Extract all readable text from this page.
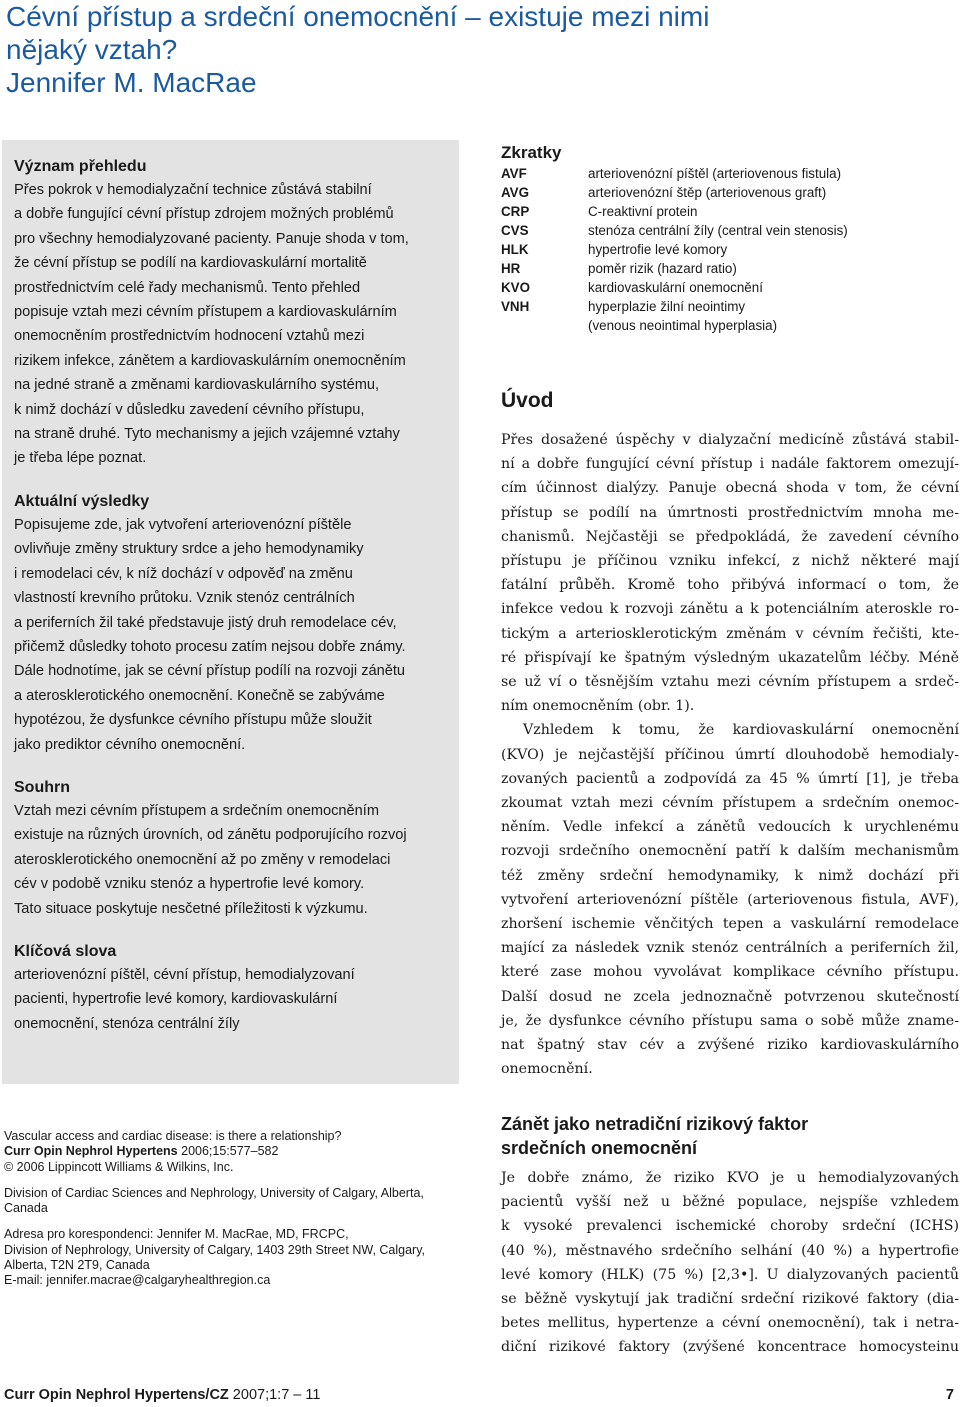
Cévní přístup a srdeční onemocnění – existuje mezi nimi
nějaký vztah?
Jennifer M. MacRae
Význam přehledu
Přes pokrok v hemodialyzační technice zůstává stabilní
a dobře fungující cévní přístup zdrojem možných problémů
pro všechny hemodialyzované pacienty. Panuje shoda v tom,
že cévní přístup se podílí na kardiovaskulární mortalitě
prostřednictvím celé řady mechanismů. Tento přehled
popisuje vztah mezi cévním přístupem a kardiovaskulárním
onemocněním prostřednictvím hodnocení vztahů mezi
rizikem infekce, zánětem a kardiovaskulárním onemocněním
na jedné straně a změnami kardiovaskulárního systému,
k nimž dochází v důsledku zavedení cévního přístupu,
na straně druhé. Tyto mechanismy a jejich vzájemné vztahy
je třeba lépe poznat.
Aktuální výsledky
Popisujeme zde, jak vytvoření arteriovenózní píštěle
ovlivňuje změny struktury srdce a jeho hemodynamiky
i remodelaci cév, k níž dochází v odpověď na změnu
vlastností krevního průtoku. Vznik stenóz centrálních
a periferních žil také představuje jistý druh remodelace cév,
přičemž důsledky tohoto procesu zatím nejsou dobře známy.
Dále hodnotíme, jak se cévní přístup podílí na rozvoji zánětu
a aterosklerotického onemocnění. Konečně se zabýváme
hypotézou, že dysfunkce cévního přístupu může sloužit
jako prediktor cévního onemocnění.
Souhrn
Vztah mezi cévním přístupem a srdečním onemocněním
existuje na různých úrovních, od zánětu podporujícího rozvoj
aterosklerotického onemocnění až po změny v remodelaci
cév v podobě vzniku stenóz a hypertrofie levé komory.
Tato situace poskytuje nesčetné příležitosti k výzkumu.
Klíčová slova
arteriovenózní píštěl, cévní přístup, hemodialyzovaní
pacienti, hypertrofie levé komory, kardiovaskulární
onemocnění, stenóza centrální žíly
Vascular access and cardiac disease: is there a relationship?
Curr Opin Nephrol Hypertens 2006;15:577–582
© 2006 Lippincott Williams & Wilkins, Inc.
Division of Cardiac Sciences and Nephrology, University of Calgary, Alberta,
Canada
Adresa pro korespondenci: Jennifer M. MacRae, MD, FRCPC,
Division of Nephrology, University of Calgary, 1403 29th Street NW, Calgary,
Alberta, T2N 2T9, Canada
E-mail: jennifer.macrae@calgaryhealthregion.ca
Zkratky
AVF	arteriovenózní píštěl (arteriovenous fistula)
AVG	arteriovenózní štěp (arteriovenous graft)
CRP	C-reaktivní protein
CVS	stenóza centrální žíly (central vein stenosis)
HLK	hypertrofie levé komory
HR	poměr rizik (hazard ratio)
KVO	kardiovaskulární onemocnění
VNH	hyperplazie žilní neointimy
(venous neointimal hyperplasia)
Úvod
Přes dosažené úspěchy v dialyzační medicíně zůstává stabil-
ní a dobře fungující cévní přístup i nadále faktorem omezují-
cím účinnost dialýzy. Panuje obecná shoda v tom, že cévní
přístup se podílí na úmrtnosti prostřednictvím mnoha me-
chanismů. Nejčastěji se předpokládá, že zavedení cévního
přístupu je příčinou vzniku infekcí, z nichž některé mají
fatální průběh. Kromě toho přibývá informací o tom, že
infekce vedou k rozvoji zánětu a k potenciálním ateroskle ro-
tickým a arteriosklerotickým změnám v cévním řečišti, kte-
ré přispívají ke špatným výsledným ukazatelům léčby. Méně
se už ví o těsnějším vztahu mezi cévním přístupem a srdeč-
ním onemocněním (obr. 1).
Vzhledem k tomu, že kardiovaskulární onemocnění
(KVO) je nejčastější příčinou úmrtí dlouhodobě hemodialy-
zovaných pacientů a zodpovídá za 45 % úmrtí [1], je třeba
zkoumat vztah mezi cévním přístupem a srdečním onemoc-
něním. Vedle infekcí a zánětů vedoucích k urychlenému
rozvoji srdečního onemocnění patří k dalším mechanismům
též změny srdeční hemodynamiky, k nimž dochází při
vytvoření arteriovenózní píštěle (arteriovenous fistula, AVF),
zhoršení ischemie věnčitých tepen a vaskulární remodelace
mající za následek vznik stenóz centrálních a periferních žil,
které zase mohou vyvolávat komplikace cévního přístupu.
Další dosud ne zcela jednoznačně potvrzenou skutečností
je, že dysfunkce cévního přístupu sama o sobě může zname-
nat špatný stav cév a zvýšené riziko kardiovaskulárního
onemocnění.
Zánět jako netradiční rizikový faktor
srdečních onemocnění
Je dobře známo, že riziko KVO je u hemodialyzovaných
pacientů vyšší než u běžné populace, nejspíše vzhledem
k vysoké prevalenci ischemické choroby srdeční (ICHS)
(40 %), městnavého srdečního selhání (40 %) a hypertrofie
levé komory (HLK) (75 %) [2,3•]. U dialyzovaných pacientů
se běžně vyskytují jak tradiční srdeční rizikové faktory (dia-
betes mellitus, hypertenze a cévní onemocnění), tak i netra-
diční rizikové faktory (zvýšené koncentrace homocysteinu
Curr Opin Nephrol Hypertens/CZ 2007;1:7 – 11	7
